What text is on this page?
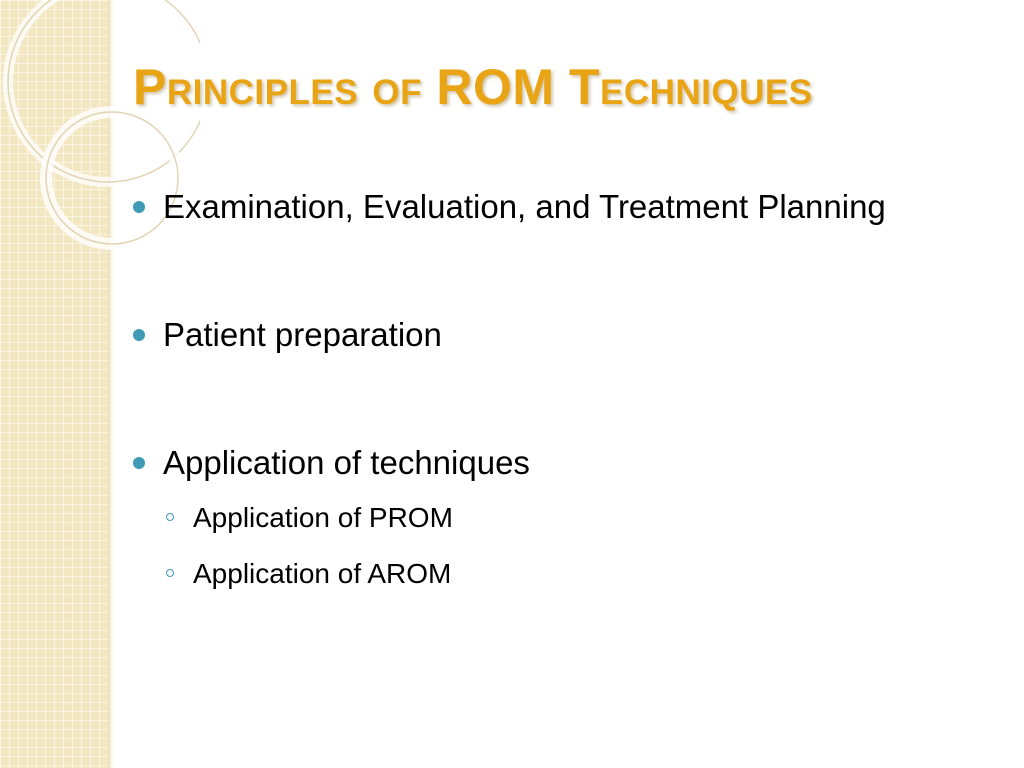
Principles of ROM Techniques
Examination, Evaluation, and Treatment Planning
Patient preparation
Application of techniques
Application of PROM
Application of AROM
